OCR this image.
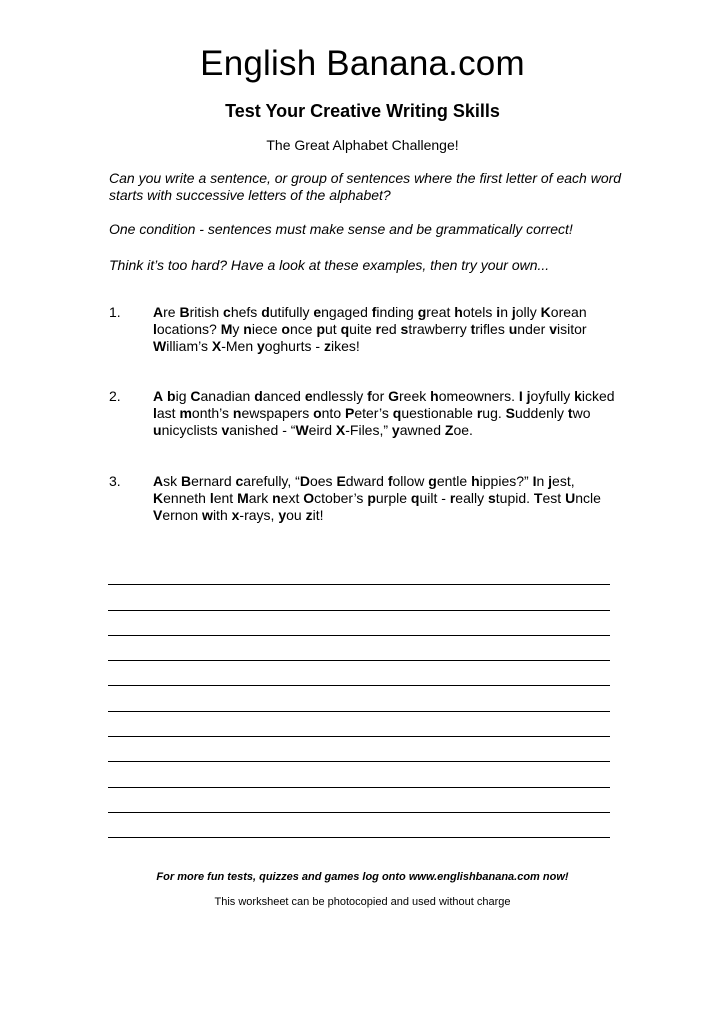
English Banana.com
Test Your Creative Writing Skills
The Great Alphabet Challenge!

Can you write a sentence, or group of sentences where the first letter of each word starts with successive letters of the alphabet?

One condition - sentences must make sense and be grammatically correct!

Think it’s too hard? Have a look at these examples, then try your own...

1.	Are British chefs dutifully engaged finding great hotels in jolly Korean locations? My niece once put quite red strawberry trifles under visitor William’s X-Men yoghurts - zikes!
2.	A big Canadian danced endlessly for Greek homeowners. I joyfully kicked last month’s newspapers onto Peter’s questionable rug. Suddenly two unicyclists vanished - “Weird X-Files,” yawned Zoe.
3.	Ask Bernard carefully, “Does Edward follow gentle hippies?” In jest, Kenneth lent Mark next October’s purple quilt - really stupid. Test Uncle Vernon with x-rays, you zit!
For more fun tests, quizzes and games log onto www.englishbanana.com now!
This worksheet can be photocopied and used without charge
